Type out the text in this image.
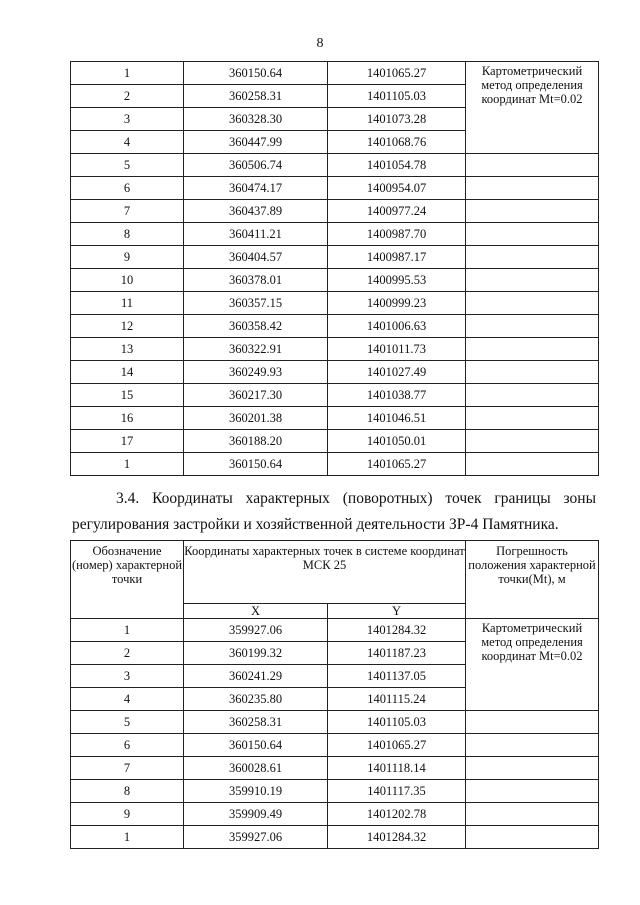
8
1	360150.64	1401065.27	Картометрический метод определения координат Mt=0.02
2	360258.31	1401105.03	
3	360328.30	1401073.28	
4	360447.99	1401068.76	
5	360506.74	1401054.78	
6	360474.17	1400954.07	
7	360437.89	1400977.24	
8	360411.21	1400987.70	
9	360404.57	1400987.17	
10	360378.01	1400995.53	
11	360357.15	1400999.23	
12	360358.42	1401006.63	
13	360322.91	1401011.73	
14	360249.93	1401027.49	
15	360217.30	1401038.77	
16	360201.38	1401046.51	
17	360188.20	1401050.01	
1	360150.64	1401065.27	
3.4. Координаты характерных (поворотных) точек границы зоны
регулирования застройки и хозяйственной деятельности ЗР-4 Памятника.
Обозначение (номер) характерной точки	Координаты характерных точек в системе координат МСК 25		Погрешность положения характерной точки(Mt), м
	X	Y	
1	359927.06	1401284.32	Картометрический метод определения координат Mt=0.02
2	360199.32	1401187.23	
3	360241.29	1401137.05	
4	360235.80	1401115.24	
5	360258.31	1401105.03	
6	360150.64	1401065.27	
7	360028.61	1401118.14	
8	359910.19	1401117.35	
9	359909.49	1401202.78	
1	359927.06	1401284.32	
